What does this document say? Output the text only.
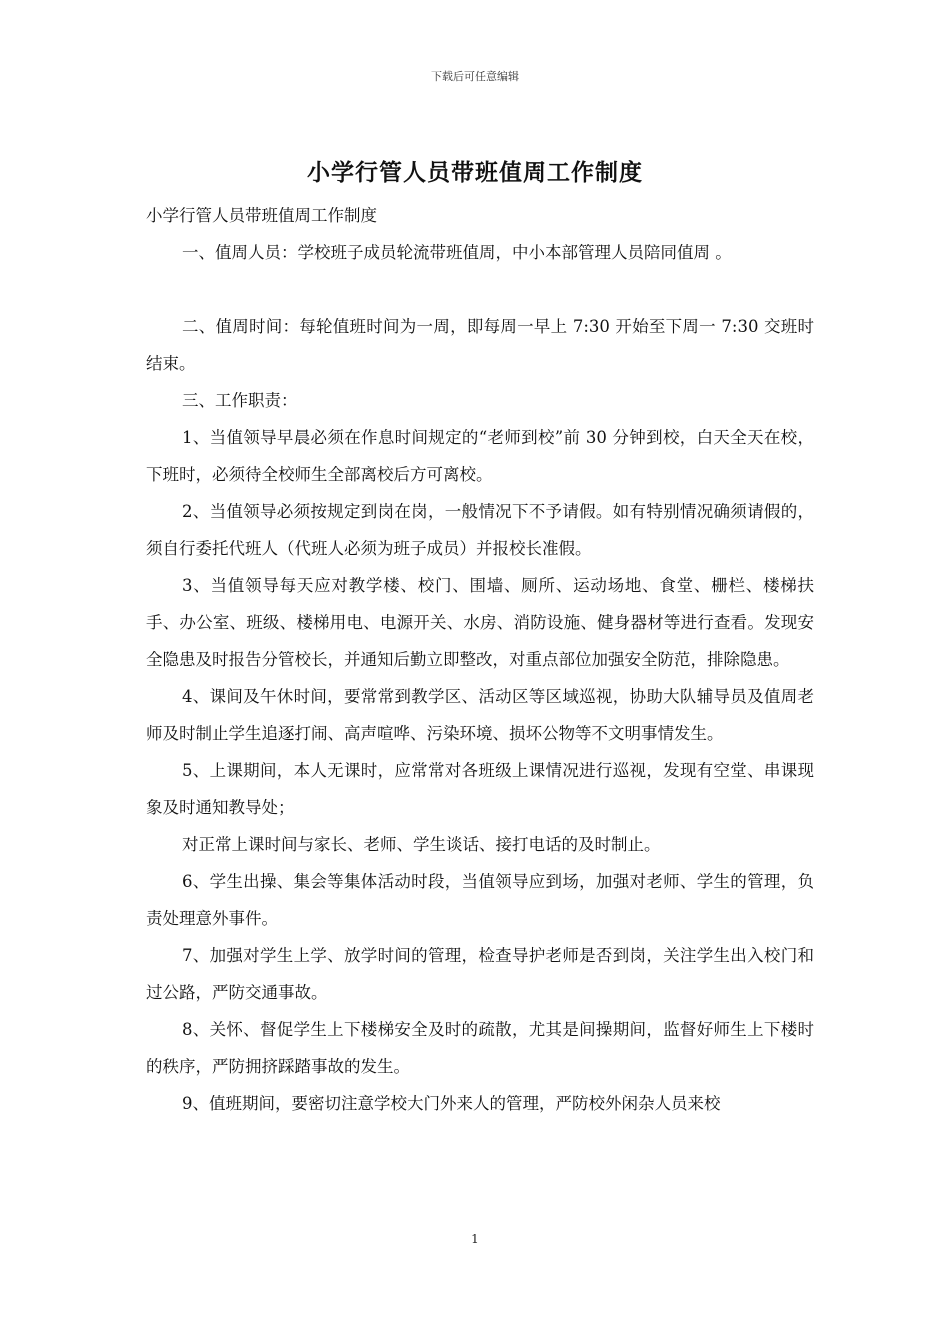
下载后可任意编辑
小学行管人员带班值周工作制度

小学行管人员带班值周工作制度

一、值周人员：学校班子成员轮流带班值周，中小本部管理人员陪同值周 。

二、值周时间：每轮值班时间为一周，即每周一早上 7:30 开始至下周一 7:30 交班时结束。

三、工作职责：

1、当值领导早晨必须在作息时间规定的“老师到校”前 30 分钟到校，白天全天在校，下班时，必须待全校师生全部离校后方可离校。

2、当值领导必须按规定到岗在岗，一般情况下不予请假。如有特别情况确须请假的，须自行委托代班人（代班人必须为班子成员）并报校长准假。

3、当值领导每天应对教学楼、校门、围墙、厕所、运动场地、食堂、栅栏、楼梯扶手、办公室、班级、楼梯用电、电源开关、水房、消防设施、健身器材等进行查看。发现安全隐患及时报告分管校长，并通知后勤立即整改，对重点部位加强安全防范，排除隐患。

4、课间及午休时间，要常常到教学区、活动区等区域巡视，协助大队辅导员及值周老师及时制止学生追逐打闹、高声喧哗、污染环境、损坏公物等不文明事情发生。

5、上课期间，本人无课时，应常常对各班级上课情况进行巡视，发现有空堂、串课现象及时通知教导处；

对正常上课时间与家长、老师、学生谈话、接打电话的及时制止。

6、学生出操、集会等集体活动时段，当值领导应到场，加强对老师、学生的管理，负责处理意外事件。

7、加强对学生上学、放学时间的管理，检查导护老师是否到岗，关注学生出入校门和过公路，严防交通事故。

8、关怀、督促学生上下楼梯安全及时的疏散，尤其是间操期间，监督好师生上下楼时的秩序，严防拥挤踩踏事故的发生。

9、值班期间，要密切注意学校大门外来人的管理，严防校外闲杂人员来校

1
